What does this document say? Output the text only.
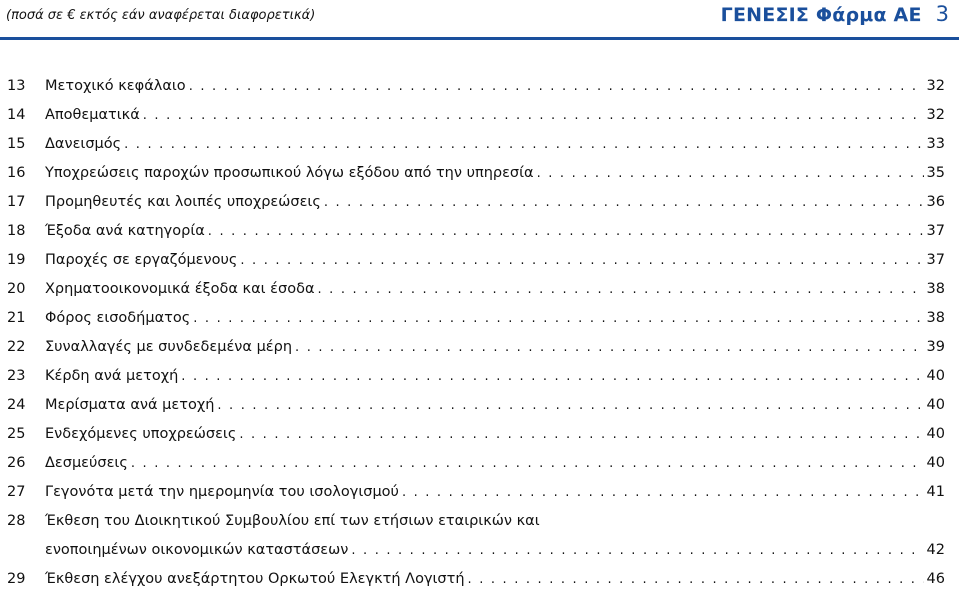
(ποσά σε € εκτός εάν αναφέρεται διαφορετικά)	ΓΕΝΕΣΙΣ Φάρμα ΑΕ 3
13	Μετοχικό κεφάλαιο . . .	32
14	Αποθεματικά . . .	32
15	Δανεισμός . . .	33
16	Υποχρεώσεις παροχών προσωπικού λόγω εξόδου από την υπηρεσία . . .	35
17	Προμηθευτές και λοιπές υποχρεώσεις . . .	36
18	Έξοδα ανά κατηγορία . . .	37
19	Παροχές σε εργαζόμενους . . .	37
20	Χρηματοοικονομικά έξοδα και έσοδα . . .	38
21	Φόρος εισοδήματος . . .	38
22	Συναλλαγές με συνδεδεμένα μέρη . . .	39
23	Κέρδη ανά μετοχή . . .	40
24	Μερίσματα ανά μετοχή . . .	40
25	Ενδεχόμενες υποχρεώσεις . . .	40
26	Δεσμεύσεις . . .	40
27	Γεγονότα μετά την ημερομηνία του ισολογισμού . . .	41
28	Έκθεση του Διοικητικού Συμβουλίου επί των ετήσιων εταιρικών και
ενοποιημένων οικονομικών καταστάσεων . . .	42
29	Έκθεση ελέγχου ανεξάρτητου Ορκωτού Ελεγκτή Λογιστή . . .	46
